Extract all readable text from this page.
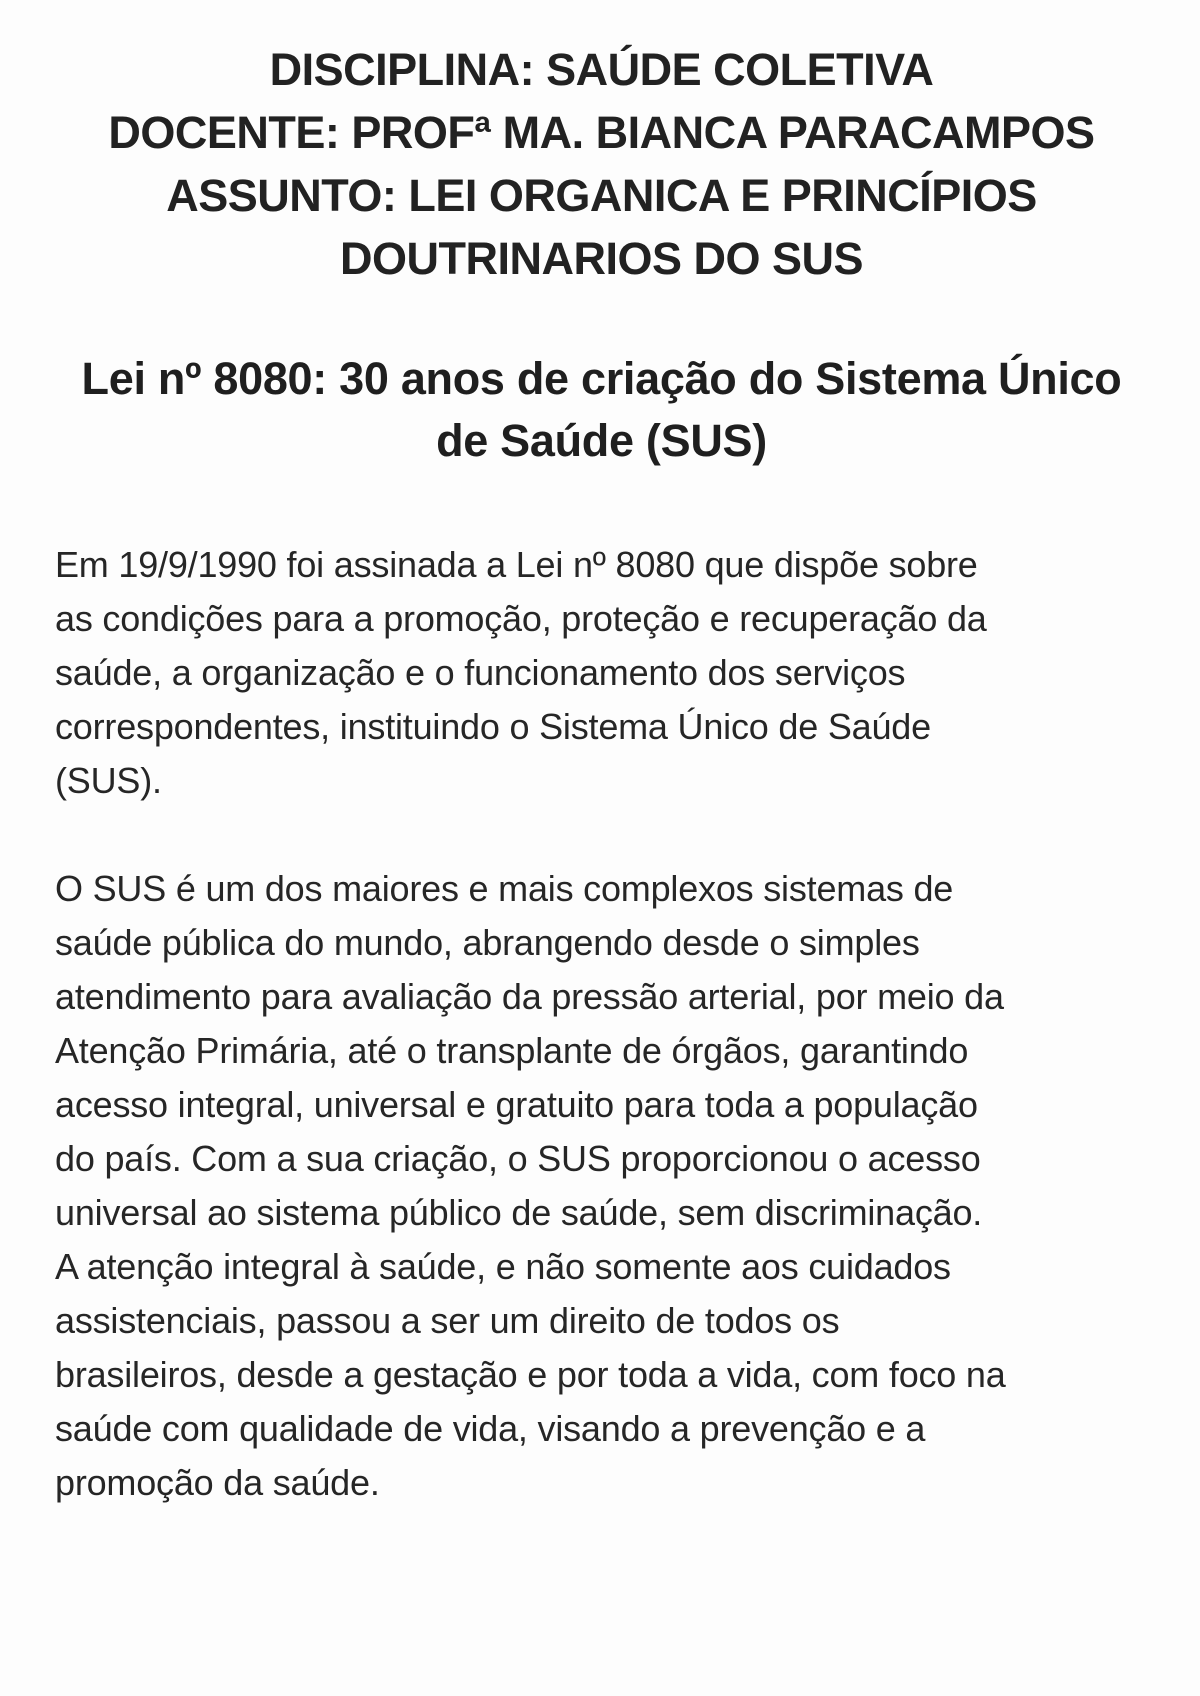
DISCIPLINA: SAÚDE COLETIVA
DOCENTE: PROFª MA. BIANCA PARACAMPOS
ASSUNTO: LEI ORGANICA E PRINCÍPIOS
DOUTRINARIOS DO SUS
Lei nº 8080: 30 anos de criação do Sistema Único
de Saúde (SUS)
Em 19/9/1990 foi assinada a Lei nº 8080 que dispõe sobre
as condições para a promoção, proteção e recuperação da
saúde, a organização e o funcionamento dos serviços
correspondentes, instituindo o Sistema Único de Saúde
(SUS).
O SUS é um dos maiores e mais complexos sistemas de
saúde pública do mundo, abrangendo desde o simples
atendimento para avaliação da pressão arterial, por meio da
Atenção Primária, até o transplante de órgãos, garantindo
acesso integral, universal e gratuito para toda a população
do país. Com a sua criação, o SUS proporcionou o acesso
universal ao sistema público de saúde, sem discriminação.
A atenção integral à saúde, e não somente aos cuidados
assistenciais, passou a ser um direito de todos os
brasileiros, desde a gestação e por toda a vida, com foco na
saúde com qualidade de vida, visando a prevenção e a
promoção da saúde.
